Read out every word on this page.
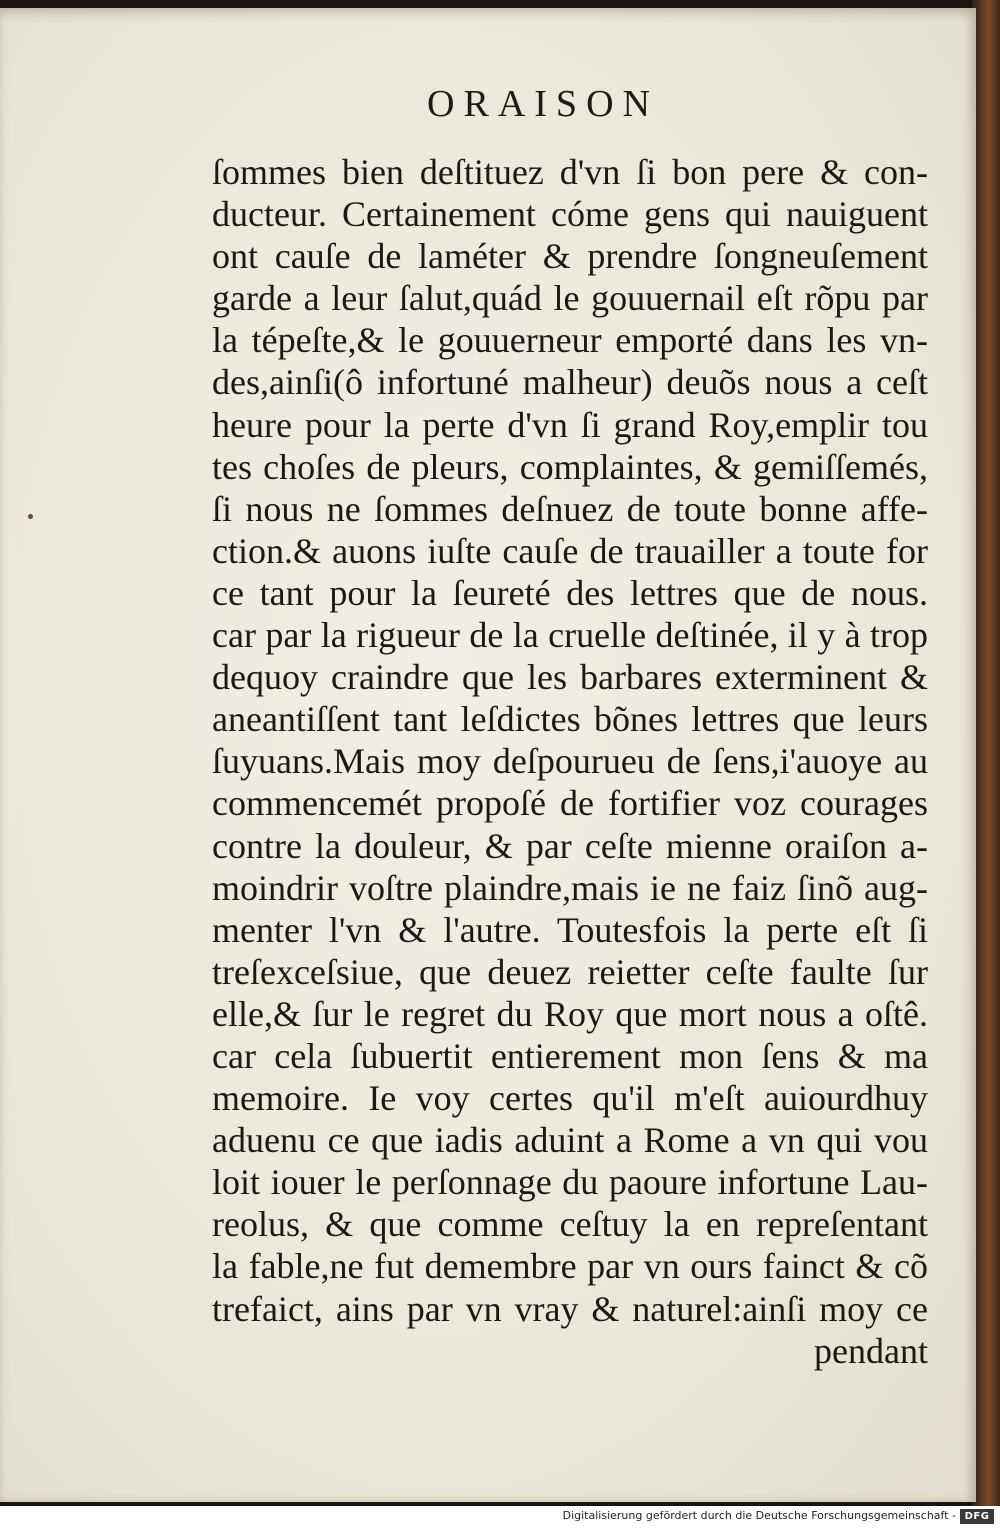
ORAISON
ſommes bien deſtituez d'vn ſi bon pere & con-
ducteur. Certainement cóme gens qui nauiguent
ont cauſe de laméter & prendre ſongneuſement
garde a leur ſalut,quád le gouuernail eſt rõpu par
la tépeſte,& le gouuerneur emporté dans les vn-
des,ainſi(ô infortuné malheur) deuõs nous a ceſt
heure pour la perte d'vn ſi grand Roy,emplir tou
tes choſes de pleurs, complaintes, & gemiſſemés,
ſi nous ne ſommes deſnuez de toute bonne affe-
ction.& auons iuſte cauſe de trauailler a toute for
ce tant pour la ſeureté des lettres que de nous.
car par la rigueur de la cruelle deſtinée, il y à trop
dequoy craindre que les barbares exterminent &
aneantiſſent tant leſdictes bõnes lettres que leurs
ſuyuans.Mais moy deſpourueu de ſens,i'auoye au
commencemét propoſé de fortifier voz courages
contre la douleur, & par ceſte mienne oraiſon a-
moindrir voſtre plaindre,mais ie ne faiz ſinõ aug-
menter l'vn & l'autre. Toutesfois la perte eſt ſi
treſexceſsiue, que deuez reietter ceſte faulte ſur
elle,& ſur le regret du Roy que mort nous a oſtê.
car cela ſubuertit entierement mon ſens & ma
memoire. Ie voy certes qu'il m'eſt auiourdhuy
aduenu ce que iadis aduint a Rome a vn qui vou
loit iouer le perſonnage du paoure infortune Lau-
reolus, & que comme ceſtuy la en repreſentant
la fable,ne fut demembre par vn ours fainct & cõ
trefaict, ains par vn vray & naturel:ainſi moy ce
pendant
Digitalisierung gefördert durch die Deutsche Forschungsgemeinschaft - DFG
